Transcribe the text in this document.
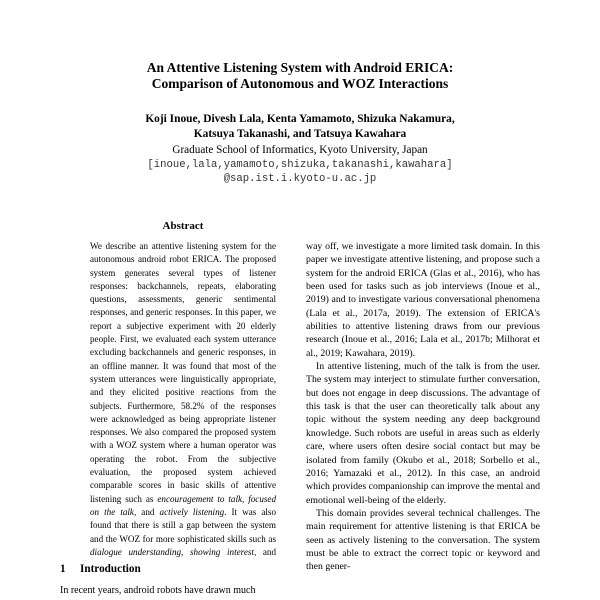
An Attentive Listening System with Android ERICA:
Comparison of Autonomous and WOZ Interactions
Koji Inoue, Divesh Lala, Kenta Yamamoto, Shizuka Nakamura,
Katsuya Takanashi, and Tatsuya Kawahara
Graduate School of Informatics, Kyoto University, Japan
[inoue,lala,yamamoto,shizuka,takanashi,kawahara]
@sap.ist.i.kyoto-u.ac.jp
Abstract

We describe an attentive listening system for the autonomous android robot ERICA. The proposed system generates several types of listener responses: backchannels, repeats, elaborating questions, assessments, generic sentimental responses, and generic responses. In this paper, we report a subjective experiment with 20 elderly people. First, we evaluated each system utterance excluding backchannels and generic responses, in an offline manner. It was found that most of the system utterances were linguistically appropriate, and they elicited positive reactions from the subjects. Furthermore, 58.2% of the responses were acknowledged as being appropriate listener responses. We also compared the proposed system with a WOZ system where a human operator was operating the robot. From the subjective evaluation, the proposed system achieved comparable scores in basic skills of attentive listening such as encouragement to talk, focused on the talk, and actively listening. It was also found that there is still a gap between the system and the WOZ for more sophisticated skills such as dialogue understanding, showing interest, and

1 Introduction

In recent years, android robots have drawn much

way off, we investigate a more limited task domain. In this paper we investigate attentive listening, and propose such a system for the android ERICA (Glas et al., 2016), who has been used for tasks such as job interviews (Inoue et al., 2019) and to investigate various conversational phenomena (Lala et al., 2017a, 2019). The extension of ERICA's abilities to attentive listening draws from our previous research (Inoue et al., 2016; Lala et al., 2017b; Milhorat et al., 2019; Kawahara, 2019).

In attentive listening, much of the talk is from the user. The system may interject to stimulate further conversation, but does not engage in deep discussions. The advantage of this task is that the user can theoretically talk about any topic without the system needing any deep background knowledge. Such robots are useful in areas such as elderly care, where users often desire social contact but may be isolated from family (Okubo et al., 2018; Sorbello et al., 2016; Yamazaki et al., 2012). In this case, an android which provides companionship can improve the mental and emotional well-being of the elderly.

This domain provides several technical challenges. The main requirement for attentive listening is that ERICA be seen as actively listening to the conversation. The system must be able to extract the correct topic or keyword and then gener-
